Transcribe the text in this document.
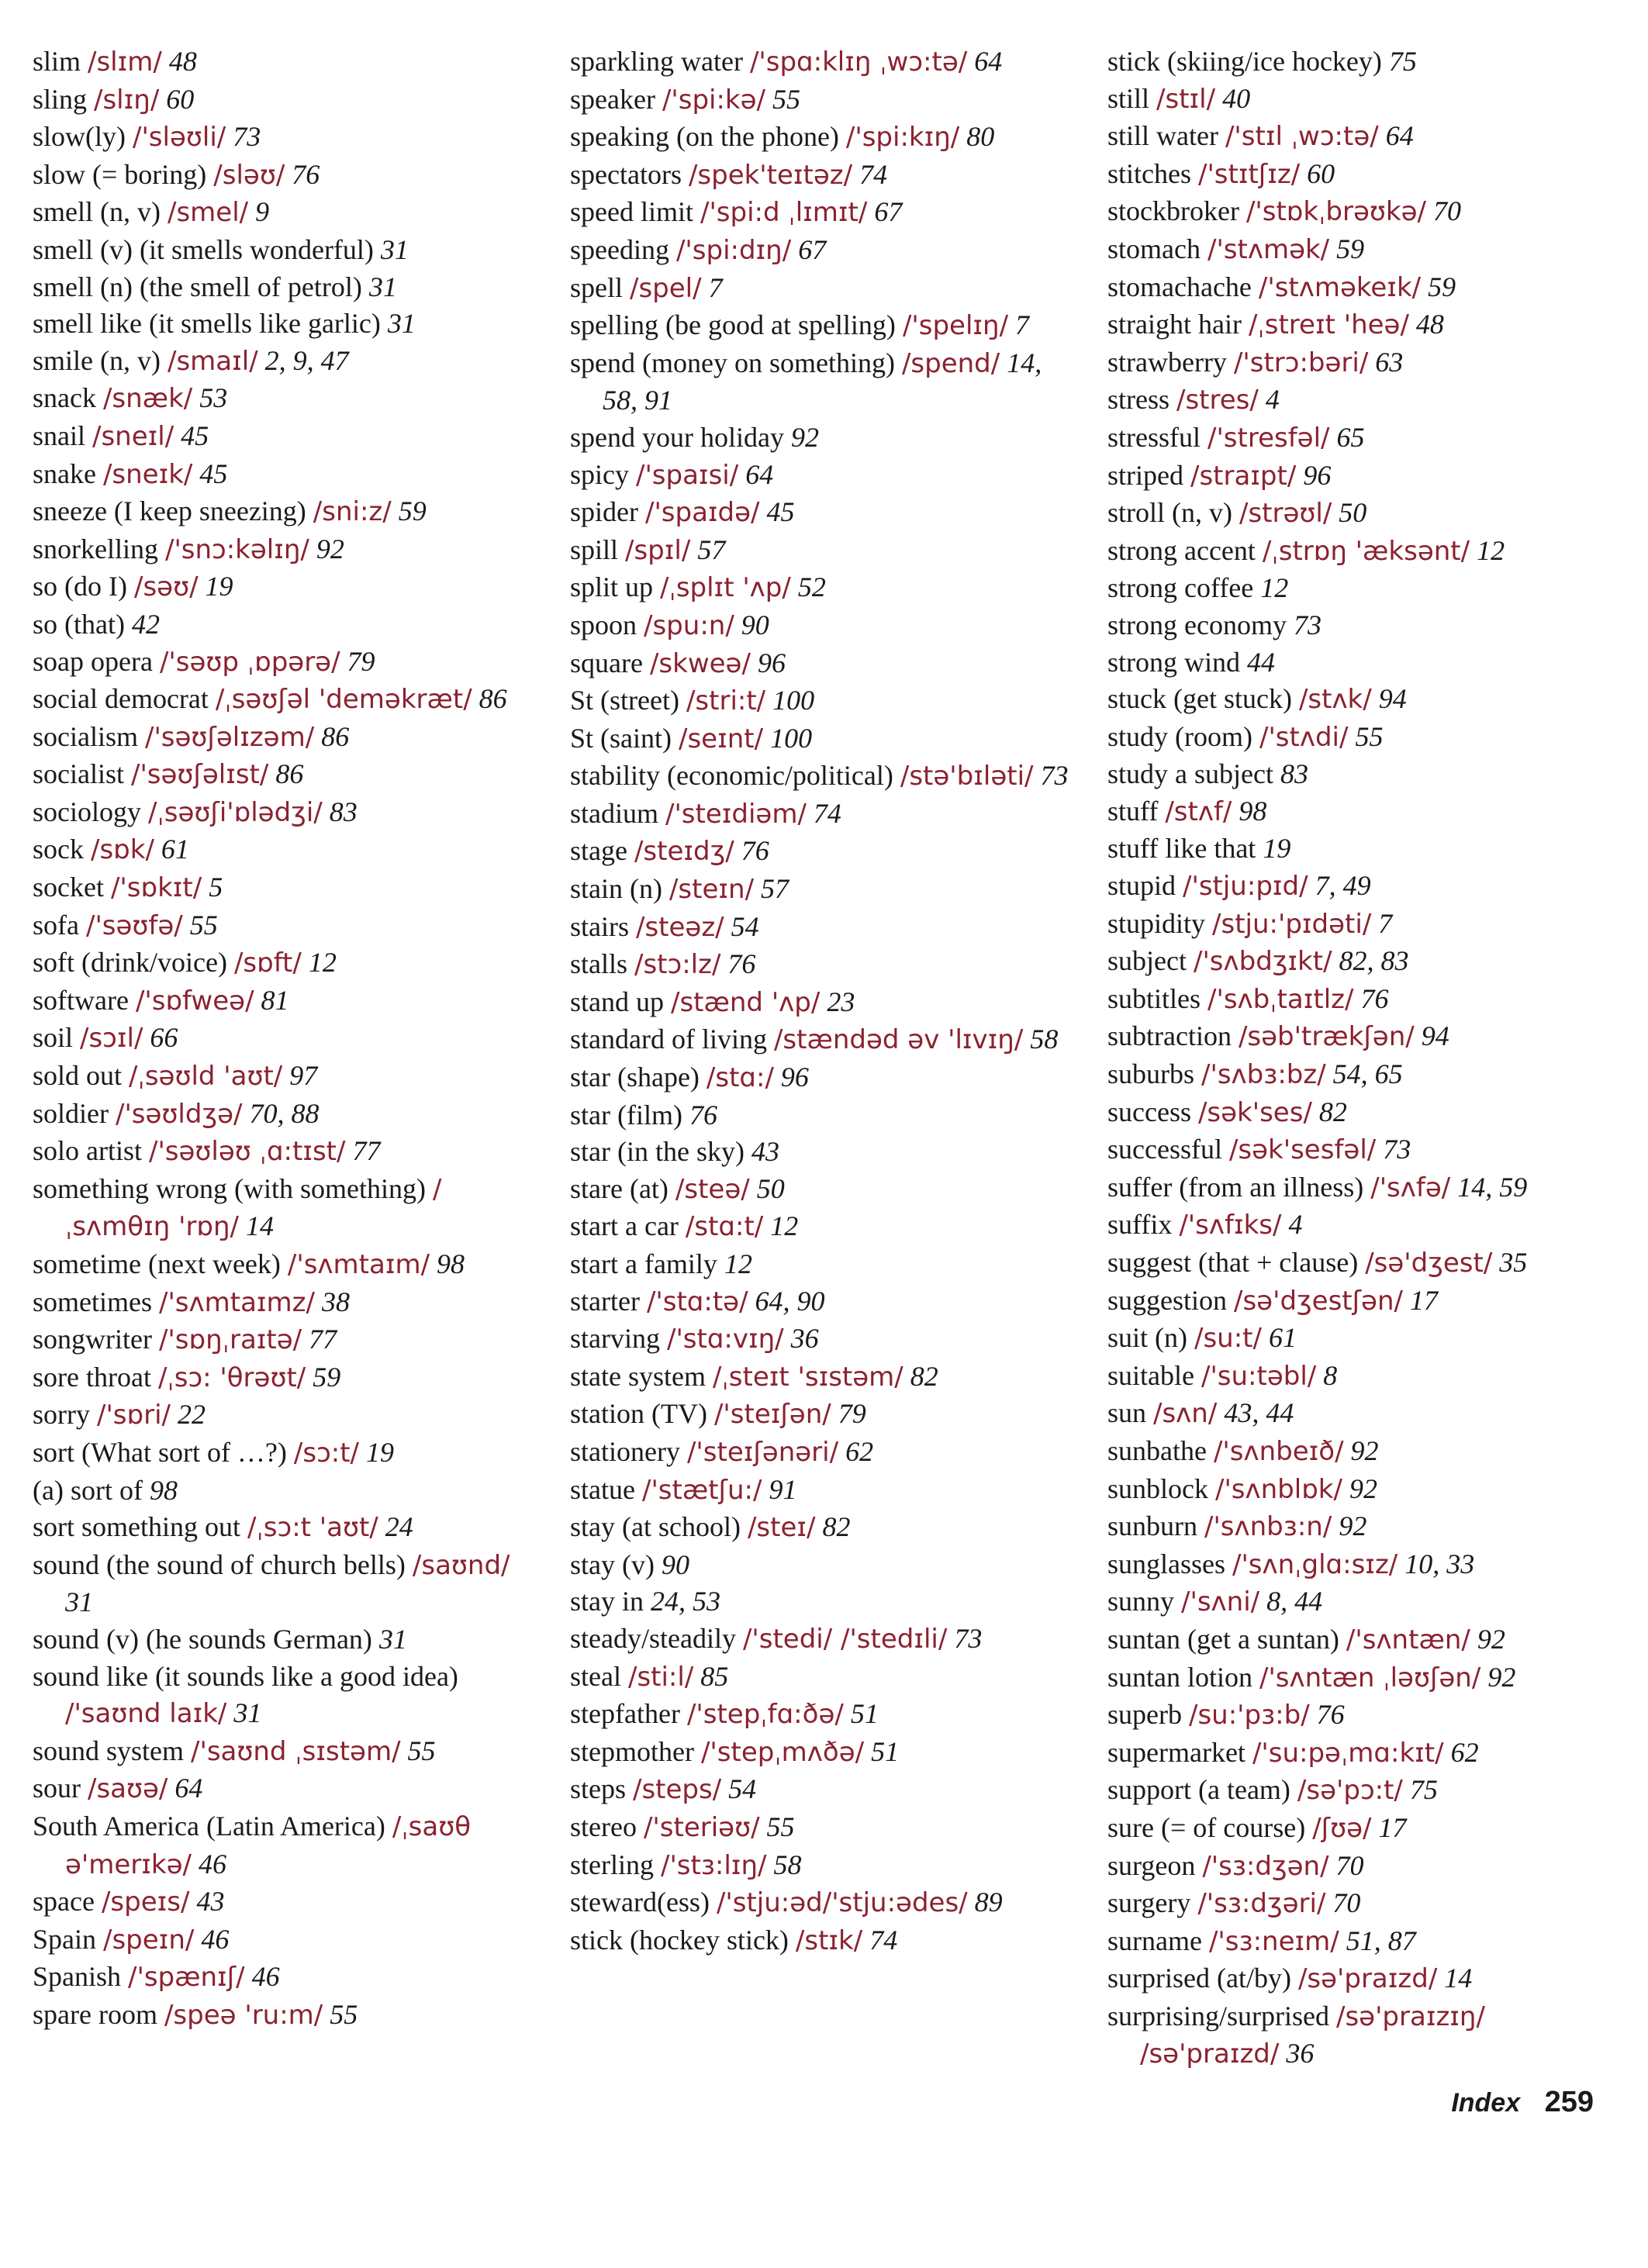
slim /slɪm/ 48
sling /slɪŋ/ 60
slow(ly) /'sləʊli/ 73
slow (= boring) /sləʊ/ 76
smell (n, v) /smel/ 9
smell (v) (it smells wonderful) 31
smell (n) (the smell of petrol) 31
smell like (it smells like garlic) 31
smile (n, v) /smaɪl/ 2, 9, 47
snack /snæk/ 53
snail /sneɪl/ 45
snake /sneɪk/ 45
sneeze (I keep sneezing) /sni:z/ 59
snorkelling /'snɔ:kəlɪŋ/ 92
so (do I) /səʊ/ 19
so (that) 42
soap opera /'səʊp ˌɒpərə/ 79
social democrat /ˌsəʊʃəl 'deməkræt/ 86
socialism /'səʊʃəlɪzəm/ 86
socialist /'səʊʃəlɪst/ 86
sociology /ˌsəʊʃi'ɒlədʒi/ 83
sock /sɒk/ 61
socket /'sɒkɪt/ 5
sofa /'səʊfə/ 55
soft (drink/voice) /sɒft/ 12
software /'sɒfweə/ 81
soil /sɔɪl/ 66
sold out /ˌsəʊld 'aʊt/ 97
soldier /'səʊldʒə/ 70, 88
solo artist /'səʊləʊ ˌɑ:tɪst/ 77
something wrong (with something) /ˌsʌmθɪŋ 'rɒŋ/ 14
sometime (next week) /'sʌmtaɪm/ 98
sometimes /'sʌmtaɪmz/ 38
songwriter /'sɒŋˌraɪtə/ 77
sore throat /ˌsɔ: 'θrəʊt/ 59
sorry /'sɒri/ 22
sort (What sort of …?) /sɔ:t/ 19
(a) sort of 98
sort something out /ˌsɔ:t 'aʊt/ 24
sound (the sound of church bells) /saʊnd/ 31
sound (v) (he sounds German) 31
sound like (it sounds like a good idea) /'saʊnd laɪk/ 31
sound system /'saʊnd ˌsɪstəm/ 55
sour /saʊə/ 64
South America (Latin America) /ˌsaʊθ ə'merɪkə/ 46
space /speɪs/ 43
Spain /speɪn/ 46
Spanish /'spænɪʃ/ 46
spare room /speə 'ru:m/ 55
sparkling water /'spɑ:klɪŋ ˌwɔ:tə/ 64
speaker /'spi:kə/ 55
speaking (on the phone) /'spi:kɪŋ/ 80
spectators /spek'teɪtəz/ 74
speed limit /'spi:d ˌlɪmɪt/ 67
speeding /'spi:dɪŋ/ 67
spell /spel/ 7
spelling (be good at spelling) /'spelɪŋ/ 7
spend (money on something) /spend/ 14, 58, 91
spend your holiday 92
spicy /'spaɪsi/ 64
spider /'spaɪdə/ 45
spill /spɪl/ 57
split up /ˌsplɪt 'ʌp/ 52
spoon /spu:n/ 90
square /skweə/ 96
St (street) /stri:t/ 100
St (saint) /seɪnt/ 100
stability (economic/political) /stə'bɪləti/ 73
stadium /'steɪdiəm/ 74
stage /steɪdʒ/ 76
stain (n) /steɪn/ 57
stairs /steəz/ 54
stalls /stɔ:lz/ 76
stand up /stænd 'ʌp/ 23
standard of living /stændəd əv 'lɪvɪŋ/ 58
star (shape) /stɑ:/ 96
star (film) 76
star (in the sky) 43
stare (at) /steə/ 50
start a car /stɑ:t/ 12
start a family 12
starter /'stɑ:tə/ 64, 90
starving /'stɑ:vɪŋ/ 36
state system /ˌsteɪt 'sɪstəm/ 82
station (TV) /'steɪʃən/ 79
stationery /'steɪʃənəri/ 62
statue /'stætʃu:/ 91
stay (at school) /steɪ/ 82
stay (v) 90
stay in 24, 53
steady/steadily /'stedi/ /'stedɪli/ 73
steal /sti:l/ 85
stepfather /'stepˌfɑ:ðə/ 51
stepmother /'stepˌmʌðə/ 51
steps /steps/ 54
stereo /'steriəʊ/ 55
sterling /'stɜ:lɪŋ/ 58
steward(ess) /'stju:əd/'stju:ədes/ 89
stick (hockey stick) /stɪk/ 74
stick (skiing/ice hockey) 75
still /stɪl/ 40
still water /'stɪl ˌwɔ:tə/ 64
stitches /'stɪtʃɪz/ 60
stockbroker /'stɒkˌbrəʊkə/ 70
stomach /'stʌmək/ 59
stomachache /'stʌməkeɪk/ 59
straight hair /ˌstreɪt 'heə/ 48
strawberry /'strɔ:bəri/ 63
stress /stres/ 4
stressful /'stresfəl/ 65
striped /straɪpt/ 96
stroll (n, v) /strəʊl/ 50
strong accent /ˌstrɒŋ 'æksənt/ 12
strong coffee 12
strong economy 73
strong wind 44
stuck (get stuck) /stʌk/ 94
study (room) /'stʌdi/ 55
study a subject 83
stuff /stʌf/ 98
stuff like that 19
stupid /'stju:pɪd/ 7, 49
stupidity /stju:'pɪdəti/ 7
subject /'sʌbdʒɪkt/ 82, 83
subtitles /'sʌbˌtaɪtlz/ 76
subtraction /səb'trækʃən/ 94
suburbs /'sʌbɜ:bz/ 54, 65
success /sək'ses/ 82
successful /sək'sesfəl/ 73
suffer (from an illness) /'sʌfə/ 14, 59
suffix /'sʌfɪks/ 4
suggest (that + clause) /sə'dʒest/ 35
suggestion /sə'dʒestʃən/ 17
suit (n) /su:t/ 61
suitable /'su:təbl/ 8
sun /sʌn/ 43, 44
sunbathe /'sʌnbeɪð/ 92
sunblock /'sʌnblɒk/ 92
sunburn /'sʌnbɜ:n/ 92
sunglasses /'sʌnˌglɑ:sɪz/ 10, 33
sunny /'sʌni/ 8, 44
suntan (get a suntan) /'sʌntæn/ 92
suntan lotion /'sʌntæn ˌləʊʃən/ 92
superb /su:'pɜ:b/ 76
supermarket /'su:pəˌmɑ:kɪt/ 62
support (a team) /sə'pɔ:t/ 75
sure (= of course) /ʃʊə/ 17
surgeon /'sɜ:dʒən/ 70
surgery /'sɜ:dʒəri/ 70
surname /'sɜ:neɪm/ 51, 87
surprised (at/by) /sə'praɪzd/ 14
surprising/surprised /sə'praɪzɪŋ/ /sə'praɪzd/ 36
Index 259
